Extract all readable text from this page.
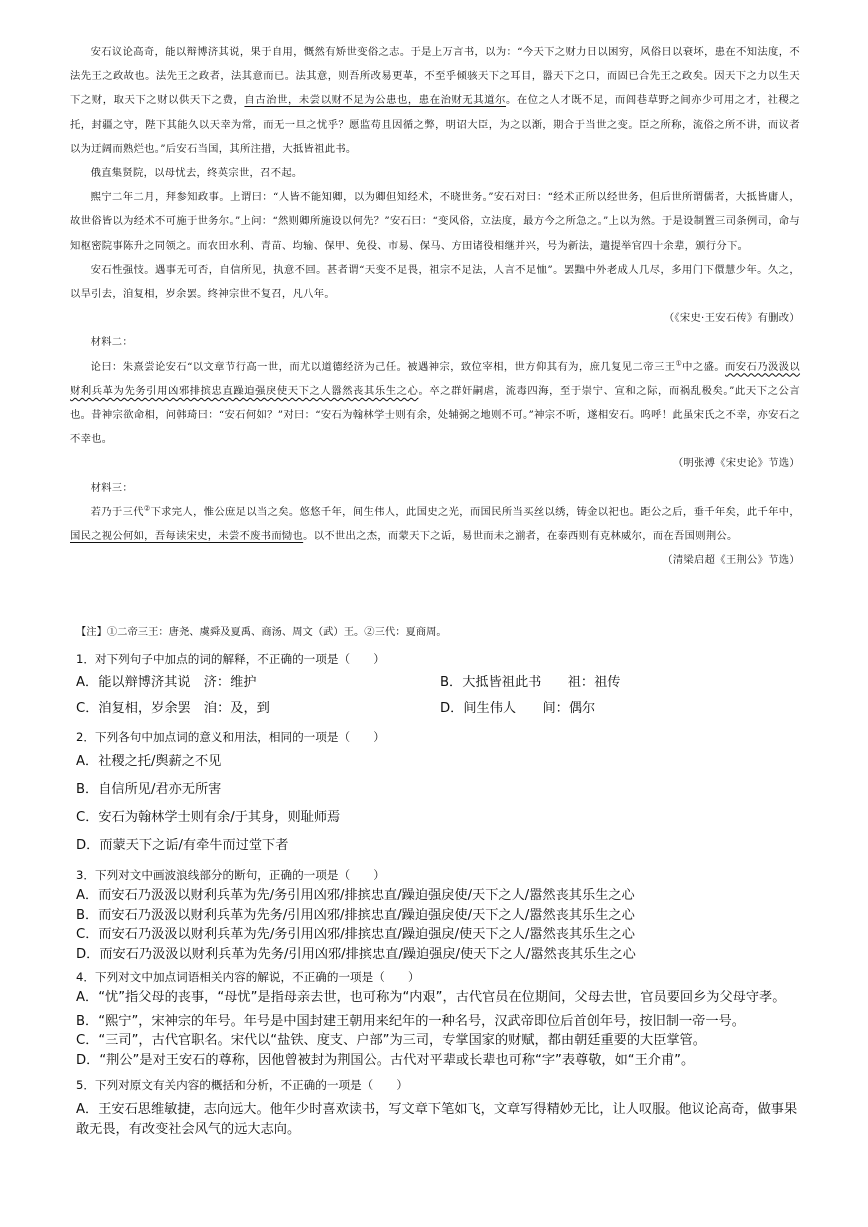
安石议论高奇，能以辩博济其说，果于自用，慨然有矫世变俗之志。于是上万言书，以为：“今天下之财力日以困穷，风俗日以衰坏，患在不知法度，不法先王之政故也。法先王之政者，法其意而已。法其意，则吾所改易更革，不至乎倾骇天下之耳目，嚣天下之口，而固已合先王之政矣。因天下之力以生天下之财，取天下之财以供天下之费，自古治世，未尝以财不足为公患也，患在治财无其道尔。在位之人才既不足，而闾巷草野之间亦少可用之才，社稷之托，封疆之守，陛下其能久以天幸为常，而无一旦之忧乎？愿监苟且因循之弊，明诏大臣，为之以渐，期合于当世之变。臣之所称，流俗之所不讲，而议者以为迂阔而熟烂也。”后安石当国，其所注措，大抵皆祖此书。

俄直集贤院，以母忧去，终英宗世，召不起。

熙宁二年二月，拜参知政事。上谓曰：“人皆不能知卿，以为卿但知经术，不晓世务。”安石对曰：“经术正所以经世务，但后世所谓儒者，大抵皆庸人，故世俗皆以为经术不可施于世务尔。”上问：“然则卿所施设以何先？”安石曰：“变风俗，立法度，最方今之所急之。”上以为然。于是设制置三司条例司，命与知枢密院事陈升之同领之。而农田水利、青苗、均输、保甲、免役、市易、保马、方田诸役相继并兴，号为新法，遣提举官四十余辈，颁行分下。

安石性强忮。遇事无可否，自信所见，执意不回。甚者谓“天变不足畏，祖宗不足法，人言不足恤”。罢黜中外老成人几尽，多用门下儇慧少年。久之，以旱引去，洎复相，岁余罢。终神宗世不复召，凡八年。

（《宋史·王安石传》有删改）

材料二：

论曰：朱熹尝论安石“以文章节行高一世，而尤以道德经济为己任。被遇神宗，致位宰相，世方仰其有为，庶几复见二帝三王①中之盛。而安石乃汲汲以财利兵革为先务引用凶邪排摈忠直躁迫强戾使天下之人嚣然丧其乐生之心。卒之群奸嗣虐，流毒四海，至于崇宁、宣和之际，而祸乱极矣。”此天下之公言也。昔神宗欲命相，问韩琦曰：“安石何如？”对曰：“安石为翰林学士则有余，处辅弼之地则不可。”神宗不听，遂相安石。呜呼！此虽宋氏之不幸，亦安石之不幸也。

（明张溥《宋史论》节选）

材料三：

若乃于三代②下求完人，惟公庶足以当之矣。悠悠千年，间生伟人，此国史之光，而国民所当买丝以绣，铸金以祀也。距公之后，垂千年矣，此千年中，国民之视公何如，吾每读宋史，未尝不废书而恸也。以不世出之杰，而蒙天下之诟，易世而未之湔者，在泰西则有克林威尔，而在吾国则荆公。

（清梁启超《王荆公》节选）

【注】①二帝三王：唐尧、虞舜及夏禹、商汤、周文（武）王。②三代：夏商周。

1．对下列句子中加点的词的解释，不正确的一项是（　　）

A．能以辩博济其说　济：维护	B．大抵皆祖此书　　祖：祖传

C．洎复相，岁余罢　洎：及，到	D．间生伟人　　间：偶尔

2．下列各句中加点词的意义和用法，相同的一项是（　　）

A．社稷之托/舆薪之不见

B．自信所见/君亦无所害

C．安石为翰林学士则有余/于其身，则耻师焉

D．而蒙天下之诟/有牵牛而过堂下者

3．下列对文中画波浪线部分的断句，正确的一项是（　　）

A．而安石乃汲汲以财利兵革为先/务引用凶邪/排摈忠直/躁迫强戾使/天下之人/嚣然丧其乐生之心

B．而安石乃汲汲以财利兵革为先务/引用凶邪/排摈忠直/躁迫强戾使/天下之人/嚣然丧其乐生之心

C．而安石乃汲汲以财利兵革为先/务引用凶邪/排摈忠直/躁迫强戾/使天下之人/嚣然丧其乐生之心

D．而安石乃汲汲以财利兵革为先务/引用凶邪/排摈忠直/躁迫强戾/使天下之人/嚣然丧其乐生之心

4．下列对文中加点词语相关内容的解说，不正确的一项是（　　）

A．“忧”指父母的丧事，“母忧”是指母亲去世，也可称为“内艰”，古代官员在位期间，父母去世，官员要回乡为父母守孝。

B．“熙宁”，宋神宗的年号。年号是中国封建王朝用来纪年的一种名号，汉武帝即位后首创年号，按旧制一帝一号。

C．“三司”，古代官职名。宋代以“盐铁、度支、户部”为三司，专掌国家的财赋，都由朝廷重要的大臣掌管。

D．“荆公”是对王安石的尊称，因他曾被封为荆国公。古代对平辈或长辈也可称“字”表尊敬，如“王介甫”。

5．下列对原文有关内容的概括和分析，不正确的一项是（　　）

A．王安石思维敏捷，志向远大。他年少时喜欢读书，写文章下笔如飞，文章写得精妙无比，让人叹服。他议论高奇，做事果敢无畏，有改变社会风气的远大志向。
